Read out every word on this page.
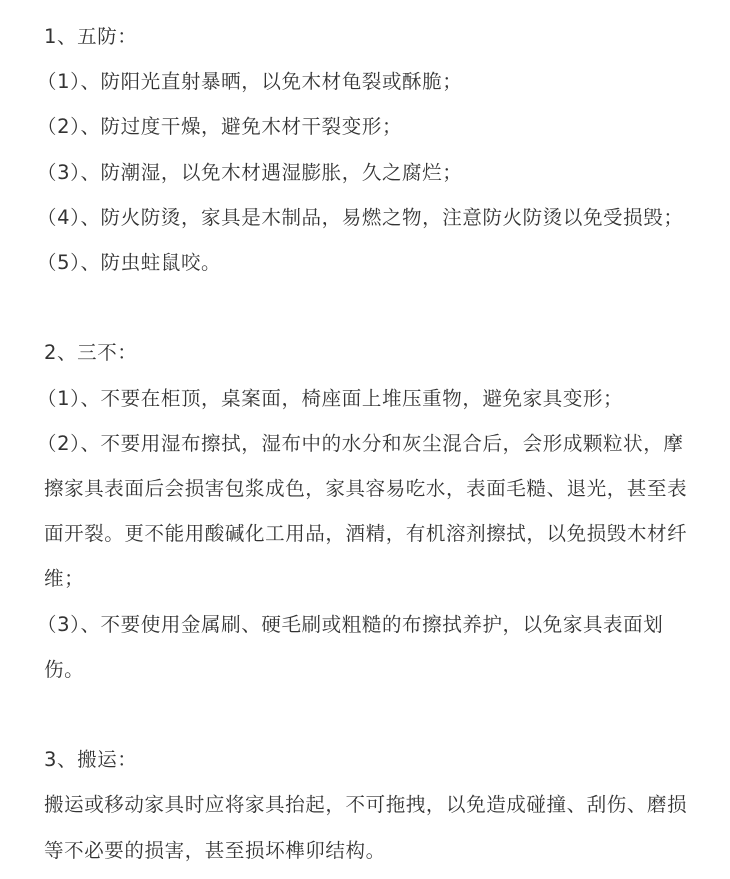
1、五防：

（1）、防阳光直射暴晒，以免木材龟裂或酥脆；

（2）、防过度干燥，避免木材干裂变形；

（3）、防潮湿，以免木材遇湿膨胀，久之腐烂；

（4）、防火防烫，家具是木制品，易燃之物，注意防火防烫以免受损毁；

（5）、防虫蛀鼠咬。

2、三不：

（1）、不要在柜顶，桌案面，椅座面上堆压重物，避免家具变形；

（2）、不要用湿布擦拭，湿布中的水分和灰尘混合后，会形成颗粒状，摩擦家具表面后会损害包浆成色，家具容易吃水，表面毛糙、退光，甚至表面开裂。更不能用酸碱化工用品，酒精，有机溶剂擦拭，以免损毁木材纤维；

（3）、不要使用金属刷、硬毛刷或粗糙的布擦拭养护，以免家具表面划伤。

3、搬运：

搬运或移动家具时应将家具抬起，不可拖拽，以免造成碰撞、刮伤、磨损等不必要的损害，甚至损坏榫卯结构。
